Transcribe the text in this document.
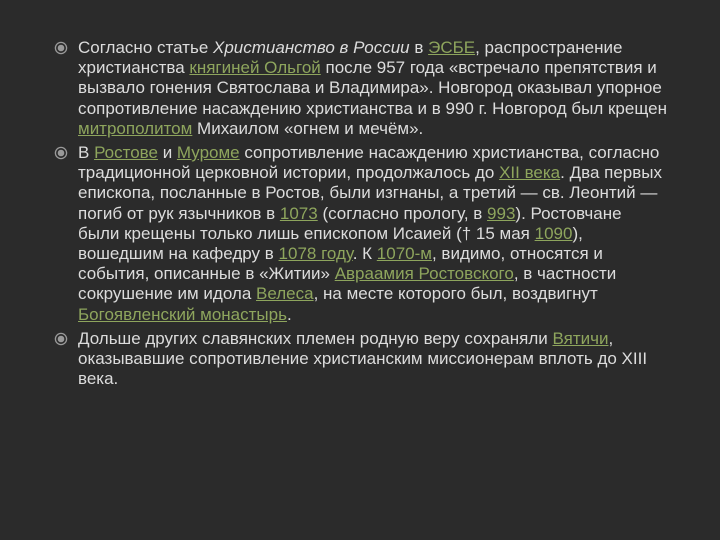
Согласно статье Христианство в России в ЭСБЕ, распространение христианства княгиней Ольгой после 957 года «встречало препятствия и вызвало гонения Святослава и Владимира». Новгород оказывал упорное сопротивление насаждению христианства и в 990 г. Новгород был крещен митрополитом Михаилом «огнем и мечём».

В Ростове и Муроме сопротивление насаждению христианства, согласно традиционной церковной истории, продолжалось до XII века. Два первых епископа, посланные в Ростов, были изгнаны, а третий — св. Леонтий — погиб от рук язычников в 1073 (согласно прологу, в 993). Ростовчане были крещены только лишь епископом Исаией († 15 мая 1090), вошедшим на кафедру в 1078 году. К 1070-м, видимо, относятся и события, описанные в «Житии» Авраамия Ростовского, в частности сокрушение им идола Велеса, на месте которого был, воздвигнут Богоявленский монастырь.

Дольше других славянских племен родную веру сохраняли Вятичи, оказывавшие сопротивление христианским миссионерам вплоть до XIII века.
